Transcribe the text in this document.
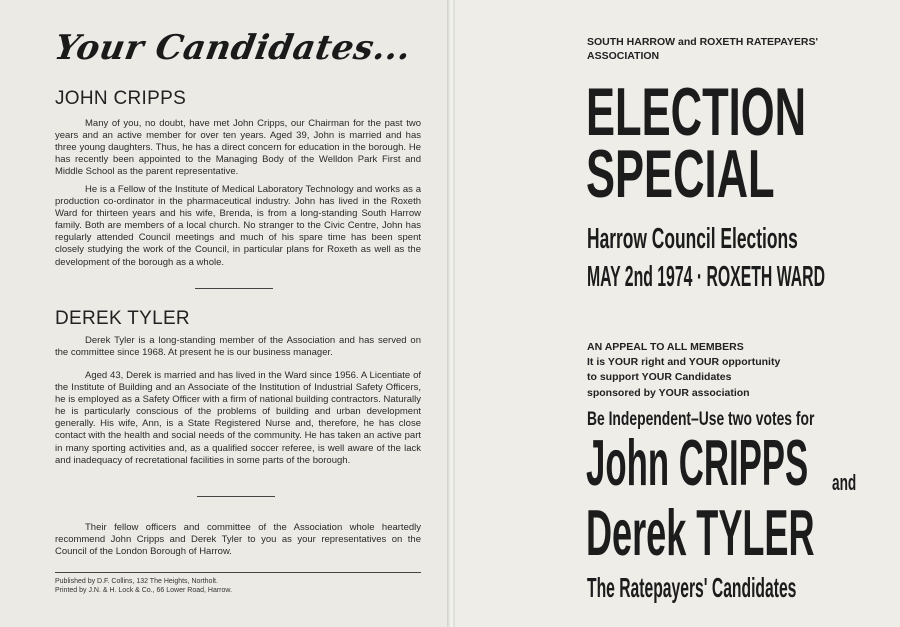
Your Candidates...
JOHN CRIPPS

Many of you, no doubt, have met John Cripps, our Chairman for the past two years and an active member for over ten years. Aged 39, John is married and has three young daughters. Thus, he has a direct concern for education in the borough. He has recently been appointed to the Managing Body of the Welldon Park First and Middle School as the parent representative.

He is a Fellow of the Institute of Medical Laboratory Technology and works as a production co-ordinator in the pharmaceutical industry. John has lived in the Roxeth Ward for thirteen years and his wife, Brenda, is from a long-standing South Harrow family. Both are members of a local church. No stranger to the Civic Centre, John has regularly attended Council meetings and much of his spare time has been spent closely studying the work of the Council, in particular plans for Roxeth as well as the development of the borough as a whole.

DEREK TYLER

Derek Tyler is a long-standing member of the Association and has served on the committee since 1968. At present he is our business manager.

Aged 43, Derek is married and has lived in the Ward since 1956. A Licentiate of the Institute of Building and an Associate of the Institution of Industrial Safety Officers, he is employed as a Safety Officer with a firm of national building contractors. Naturally he is particularly conscious of the problems of building and urban development generally. His wife, Ann, is a State Registered Nurse and, therefore, he has close contact with the health and social needs of the community. He has taken an active part in many sporting activities and, as a qualified soccer referee, is well aware of the lack and inadequacy of recretational facilities in some parts of the borough.

Their fellow officers and committee of the Association whole heartedly recommend John Cripps and Derek Tyler to you as your representatives on the Council of the London Borough of Harrow.

Published by D.F. Collins, 132 The Heights, Northolt.
Printed by J.N. & H. Lock & Co., 66 Lower Road, Harrow.
SOUTH HARROW and ROXETH RATEPAYERS'
ASSOCIATION
ELECTION
SPECIAL
Harrow Council Elections
MAY 2nd 1974 · ROXETH WARD
AN APPEAL TO ALL MEMBERS
It is YOUR right and YOUR opportunity
to support YOUR Candidates
sponsored by YOUR association
Be Independent–Use two votes for
John CRIPPS and
Derek TYLER
The Ratepayers' Candidates
